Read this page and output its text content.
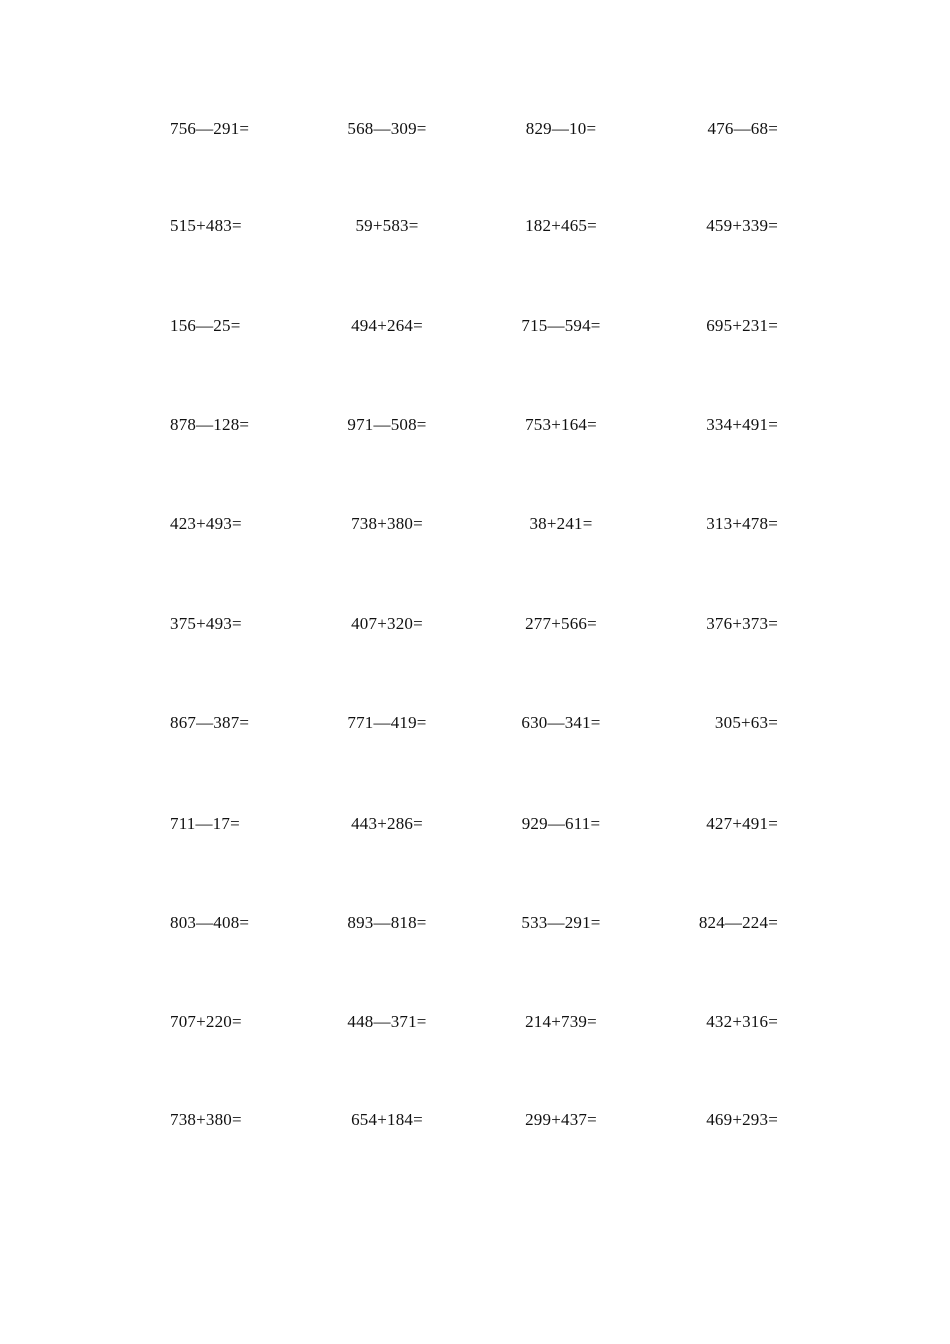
756—291=	568—309=	829—10=	476—68=
515+483=	59+583=	182+465=	459+339=
156—25=	494+264=	715—594=	695+231=
878—128=	971—508=	753+164=	334+491=
423+493=	738+380=	38+241=	313+478=
375+493=	407+320=	277+566=	376+373=
867—387=	771—419=	630—341=	305+63=
711—17=	443+286=	929—611=	427+491=
803—408=	893—818=	533—291=	824—224=
707+220=	448—371=	214+739=	432+316=
738+380=	654+184=	299+437=	469+293=
